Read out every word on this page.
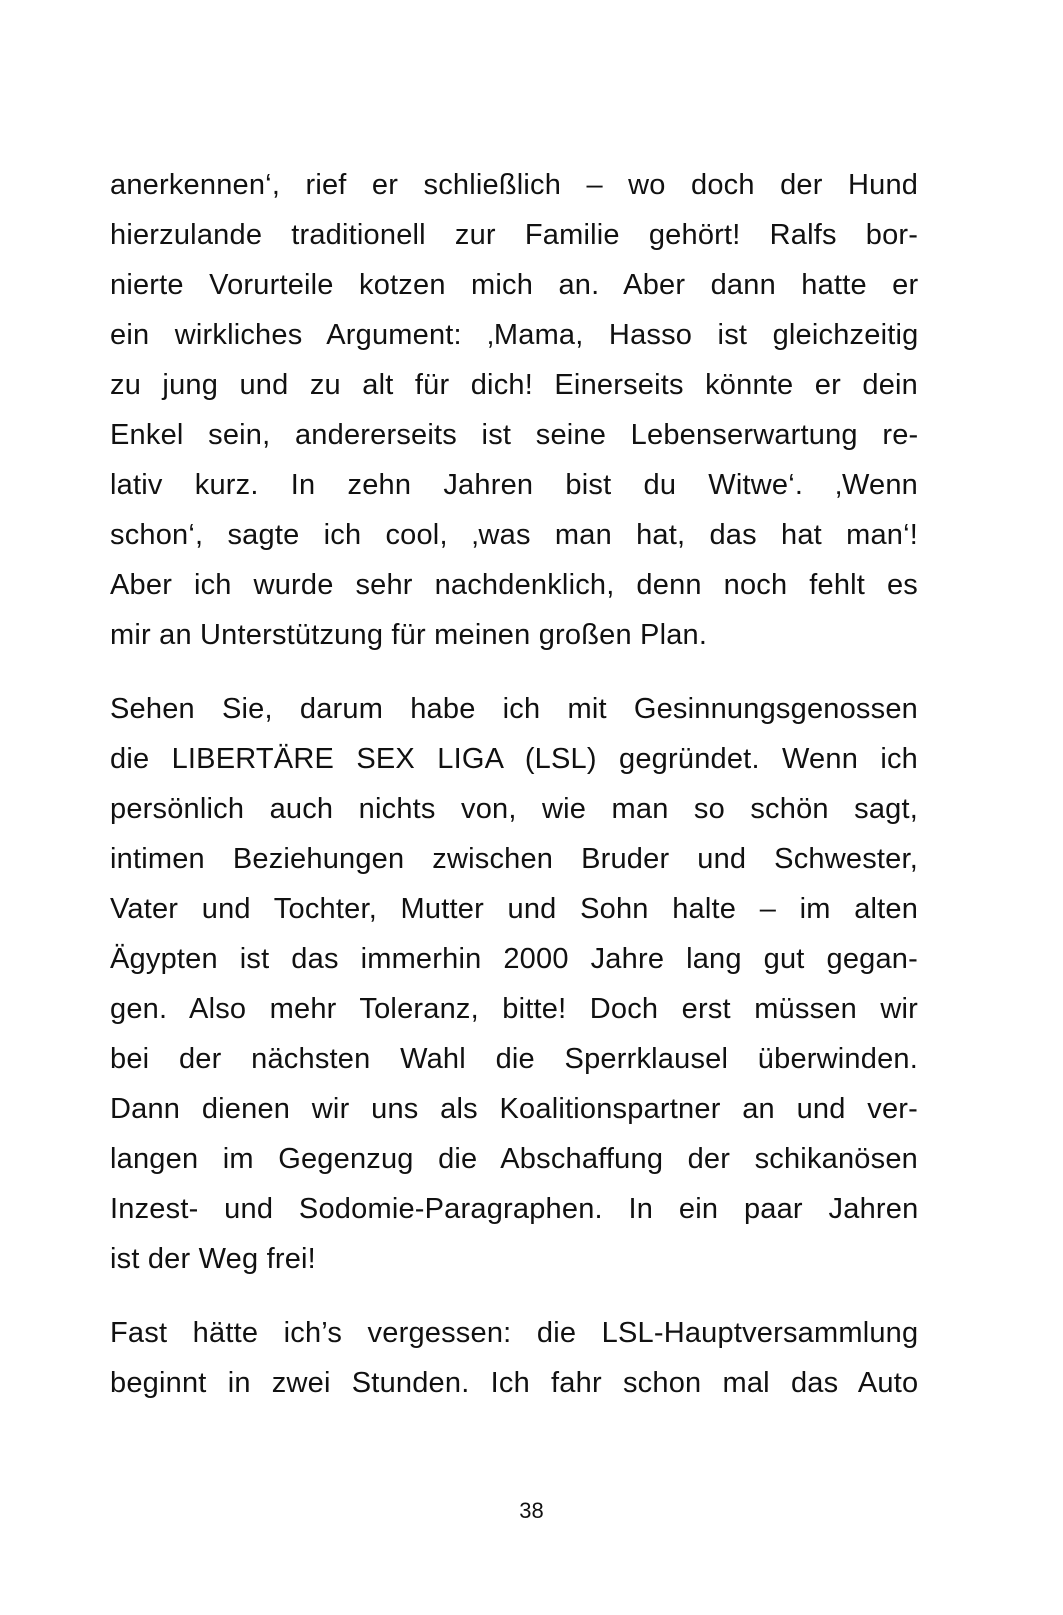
anerkennen‘, rief er schließlich – wo doch der Hund
hierzulande traditionell zur Familie gehört! Ralfs bor-
nierte Vorurteile kotzen mich an. Aber dann hatte er
ein wirkliches Argument: ‚Mama, Hasso ist gleichzeitig
zu jung und zu alt für dich! Einerseits könnte er dein
Enkel sein, andererseits ist seine Lebenserwartung re-
lativ kurz. In zehn Jahren bist du Witwe‘. ‚Wenn
schon‘, sagte ich cool, ‚was man hat, das hat man‘!
Aber ich wurde sehr nachdenklich, denn noch fehlt es
mir an Unterstützung für meinen großen Plan.

Sehen Sie, darum habe ich mit Gesinnungsgenossen
die LIBERTÄRE SEX LIGA (LSL) gegründet. Wenn ich
persönlich auch nichts von, wie man so schön sagt,
intimen Beziehungen zwischen Bruder und Schwester,
Vater und Tochter, Mutter und Sohn halte – im alten
Ägypten ist das immerhin 2000 Jahre lang gut gegan-
gen. Also mehr Toleranz, bitte! Doch erst müssen wir
bei der nächsten Wahl die Sperrklausel überwinden.
Dann dienen wir uns als Koalitionspartner an und ver-
langen im Gegenzug die Abschaffung der schikanösen
Inzest- und Sodomie-Paragraphen. In ein paar Jahren
ist der Weg frei!

Fast hätte ich’s vergessen: die LSL-Hauptversammlung
beginnt in zwei Stunden. Ich fahr schon mal das Auto

38
